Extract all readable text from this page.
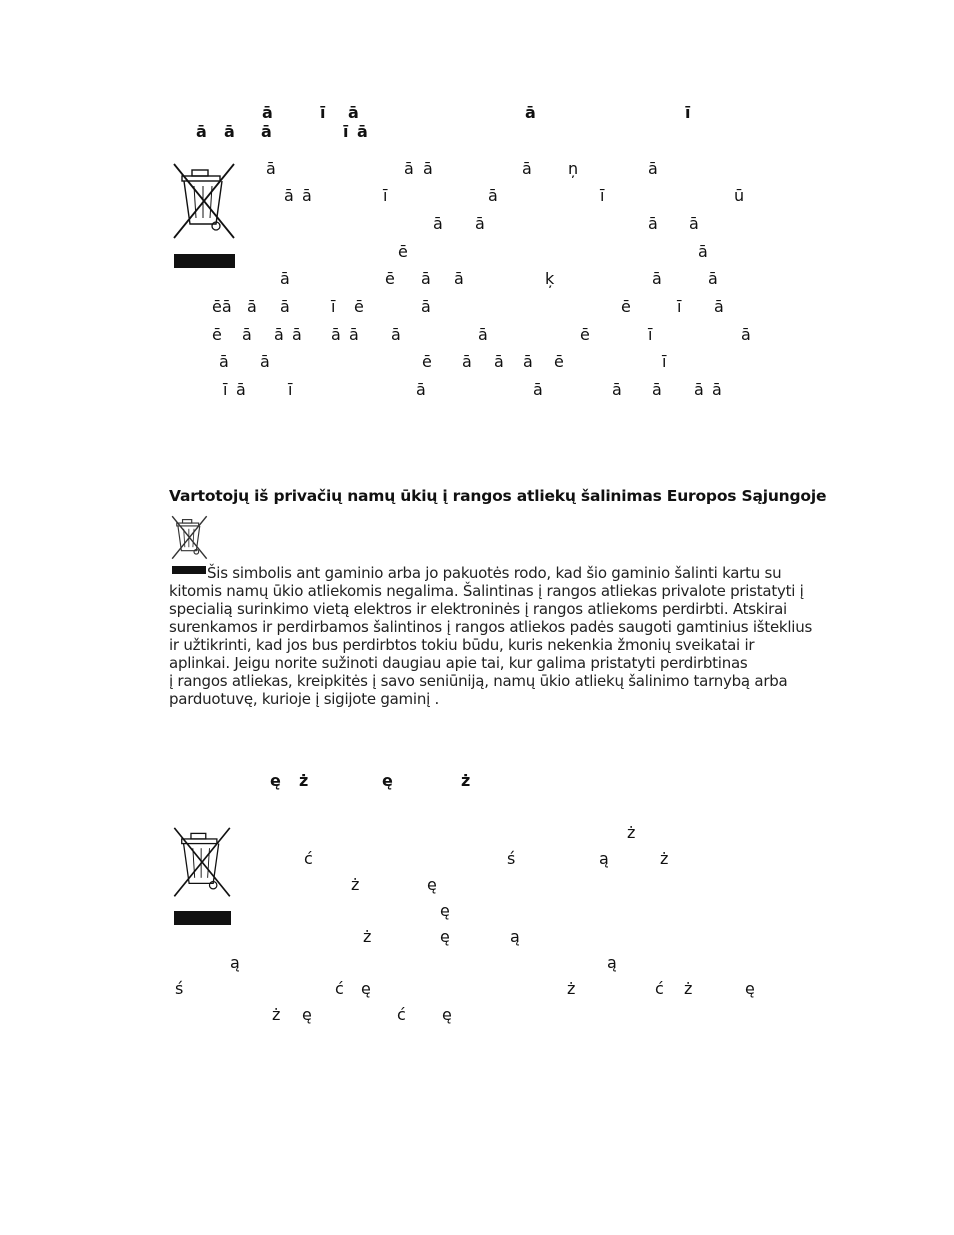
Vartotojų iš privačių namų ūkių į rangos atliekų šalinimas Europos Sąjungoje
Šis simbolis ant gaminio arba jo pakuotės rodo, kad šio gaminio šalinti kartu su
kitomis namų ūkio atliekomis negalima. Šalintinas į rangos atliekas privalote pristatyti į
specialią surinkimo vietą elektros ir elektroninės į rangos atliekoms perdirbti. Atskirai
surenkamos ir perdirbamos šalintinos į rangos atliekos padės saugoti gamtinius išteklius
ir užtikrinti, kad jos bus perdirbtos tokiu būdu, kuris nekenkia žmonių sveikatai ir
aplinkai. Jeigu norite sužinoti daugiau apie tai, kur galima pristatyti perdirbtinas
į rangos atliekas, kreipkitės į savo seniūniją, namų ūkio atliekų šalinimo tarnybą arba
parduotuvę, kurioje į sigijote gaminį .
ā	ī ā	ā	ī
ā ā ā	ī ā
ā	ā ā	ā ņ	ā
ā ā	ī	ā	ī	ū
ā ā	ā ā
ē	ā
ā	ē ā ā	ķ	ā	ā
ēā ā ā	ī ē	ā	ē	ī ā
ē ā ā ā ā ā ā	ā	ē	ī	ā
ā ā	ē ā ā ā ē	ī
ī ā	ī	ā	ā	ā ā ā ā
ę ż	ę	ż
ż
ć	ś	ą	ż
ż	ę
ę
ż	ę	ą
ą	ą
ś	ć ę	ż	ć ż	ę
ż ę	ć ę
